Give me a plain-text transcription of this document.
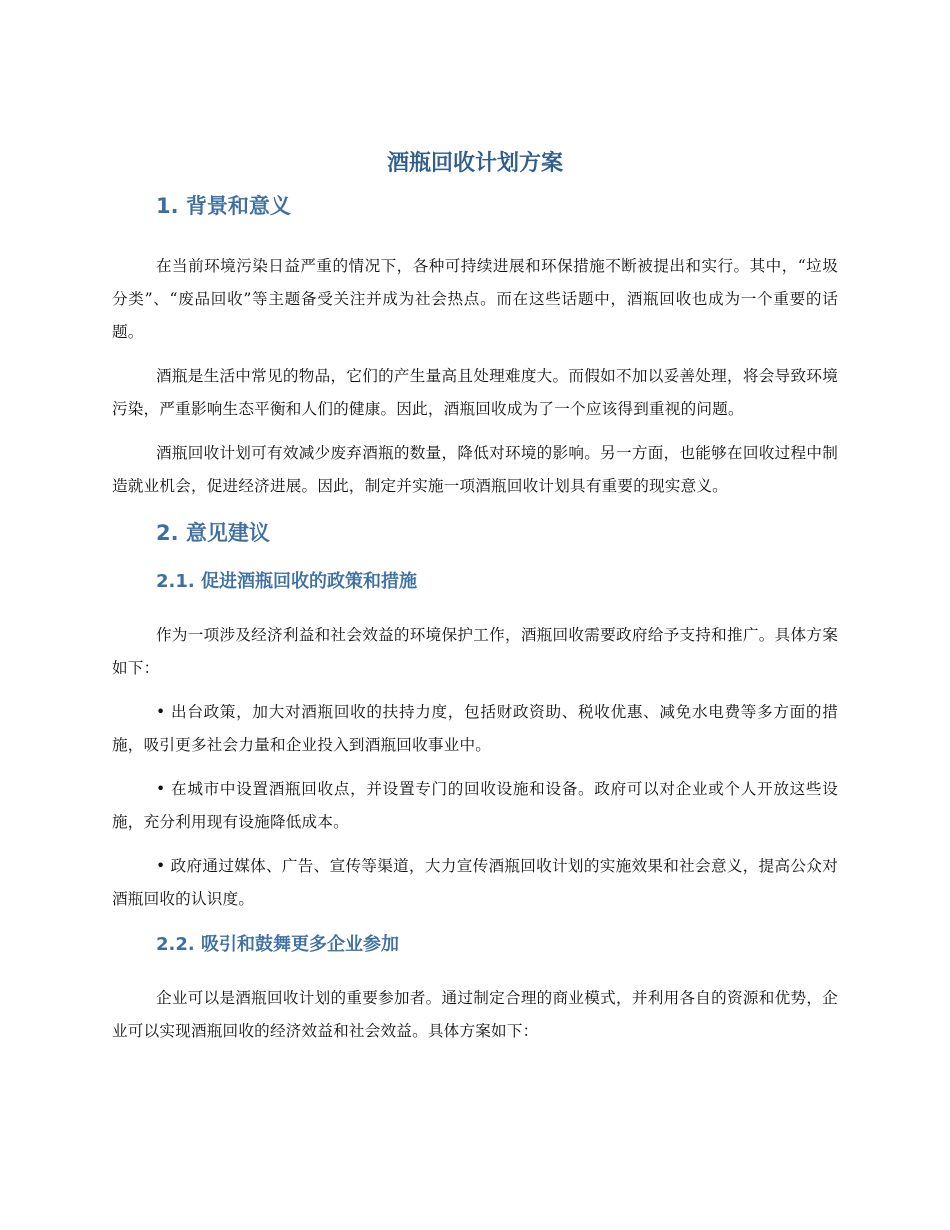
酒瓶回收计划方案
1. 背景和意义

在当前环境污染日益严重的情况下，各种可持续进展和环保措施不断被提出和实行。其中，“垃圾分类”、“废品回收”等主题备受关注并成为社会热点。而在这些话题中，酒瓶回收也成为一个重要的话题。

酒瓶是生活中常见的物品，它们的产生量高且处理难度大。而假如不加以妥善处理，将会导致环境污染，严重影响生态平衡和人们的健康。因此，酒瓶回收成为了一个应该得到重视的问题。

酒瓶回收计划可有效减少废弃酒瓶的数量，降低对环境的影响。另一方面，也能够在回收过程中制造就业机会，促进经济进展。因此，制定并实施一项酒瓶回收计划具有重要的现实意义。

2. 意见建议
2.1. 促进酒瓶回收的政策和措施

作为一项涉及经济利益和社会效益的环境保护工作，酒瓶回收需要政府给予支持和推广。具体方案如下：

• 出台政策，加大对酒瓶回收的扶持力度，包括财政资助、税收优惠、减免水电费等多方面的措施，吸引更多社会力量和企业投入到酒瓶回收事业中。

• 在城市中设置酒瓶回收点，并设置专门的回收设施和设备。政府可以对企业或个人开放这些设施，充分利用现有设施降低成本。

• 政府通过媒体、广告、宣传等渠道，大力宣传酒瓶回收计划的实施效果和社会意义，提高公众对酒瓶回收的认识度。

2.2. 吸引和鼓舞更多企业参加

企业可以是酒瓶回收计划的重要参加者。通过制定合理的商业模式，并利用各自的资源和优势，企业可以实现酒瓶回收的经济效益和社会效益。具体方案如下：
